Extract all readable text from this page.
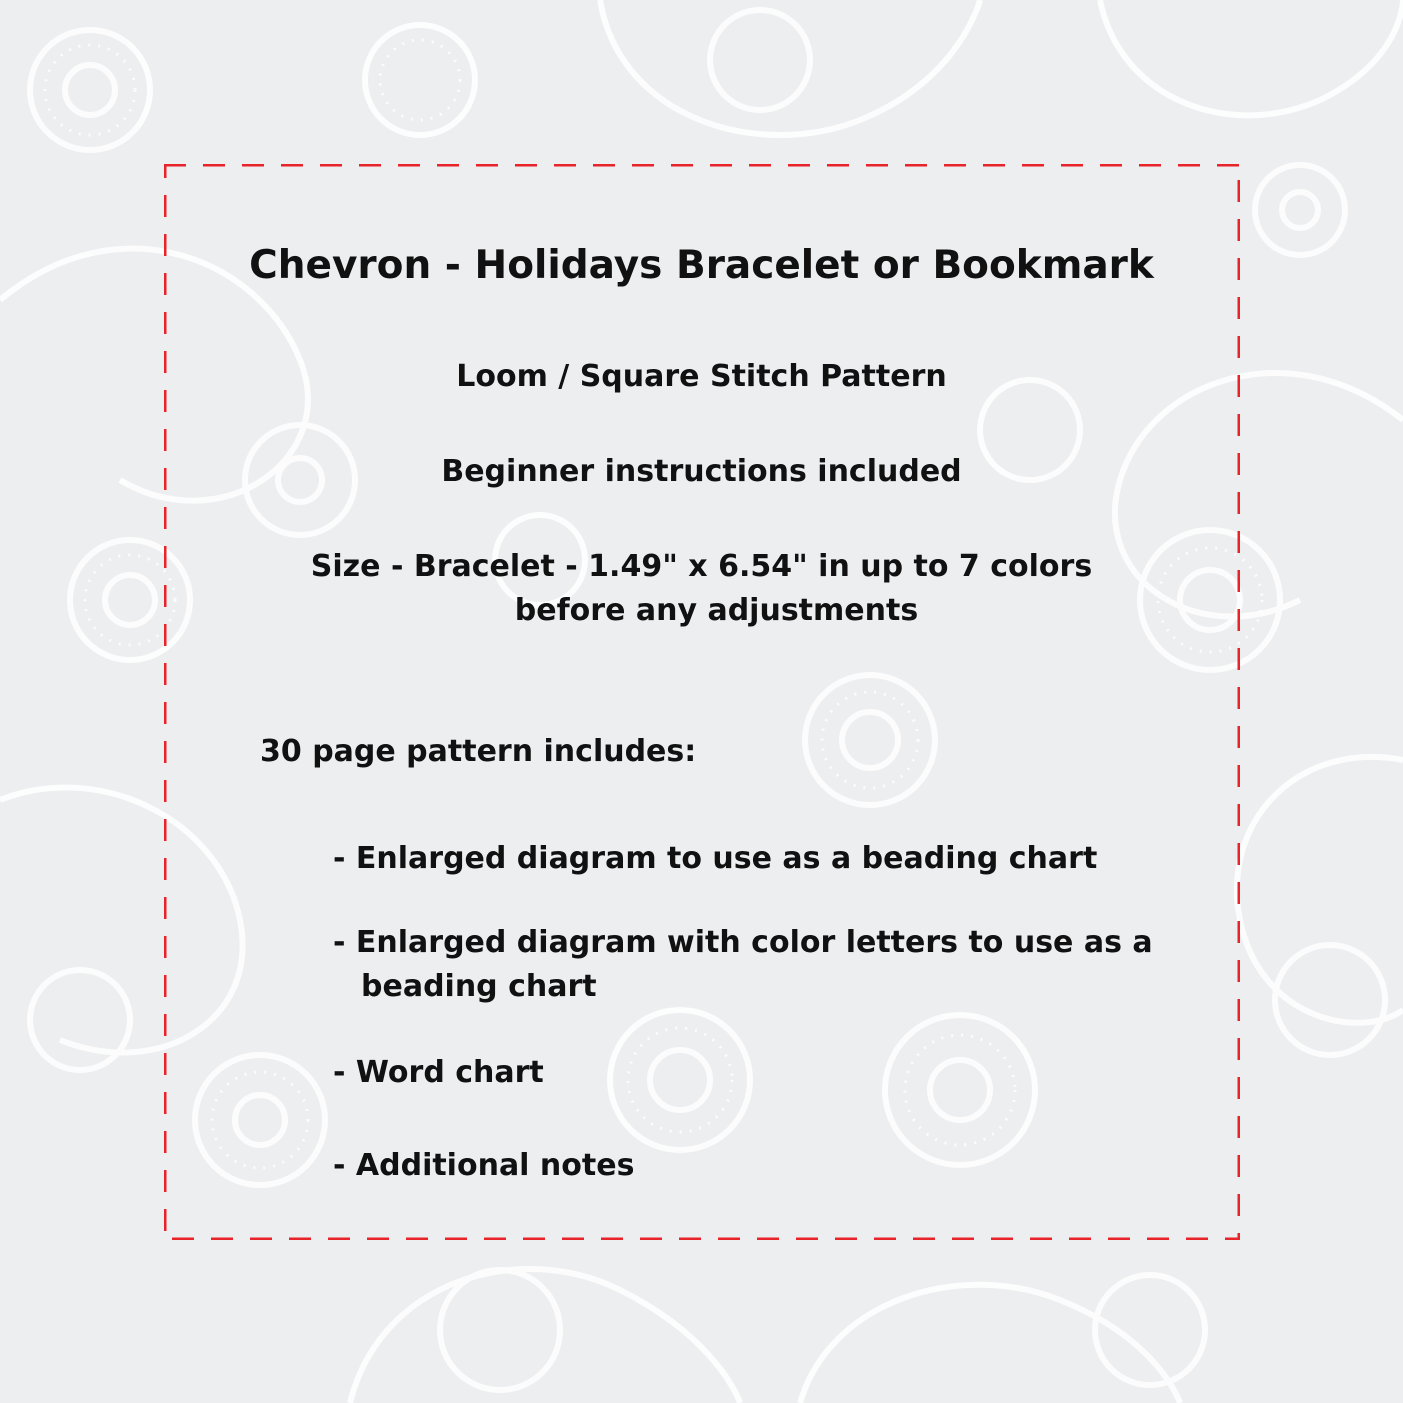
Chevron - Holidays Bracelet or Bookmark
Loom / Square Stitch Pattern
Beginner instructions included
Size - Bracelet - 1.49" x 6.54" in up to 7 colors
before any adjustments
30 page pattern includes:
- Enlarged diagram to use as a beading chart
- Enlarged diagram with color letters to use as a
beading chart
- Word chart
- Additional notes
